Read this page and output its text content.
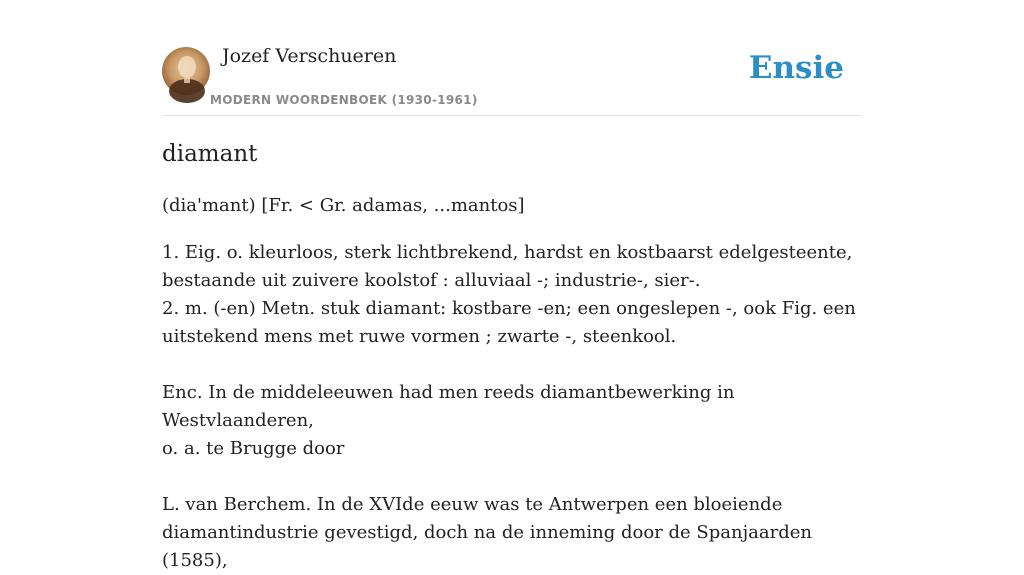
Jozef Verschueren
MODERN WOORDENBOEK (1930-1961)
Ensie
diamant

(dia'mant) [Fr. < Gr. adamas, ...mantos]

1. Eig. o. kleurloos, sterk lichtbrekend, hardst en kostbaarst edelgesteente,
bestaande uit zuivere koolstof : alluviaal -; industrie-, sier-.
2. m. (-en) Metn. stuk diamant: kostbare -en; een ongeslepen -, ook Fig. een
uitstekend mens met ruwe vormen ; zwarte -, steenkool.
Enc. In de middeleeuwen had men reeds diamantbewerking in Westvlaanderen,
o. a. te Brugge door
L. van Berchem. In de XVIde eeuw was te Antwerpen een bloeiende
diamantindustrie gevestigd, doch na de inneming door de Spanjaarden (1585),
